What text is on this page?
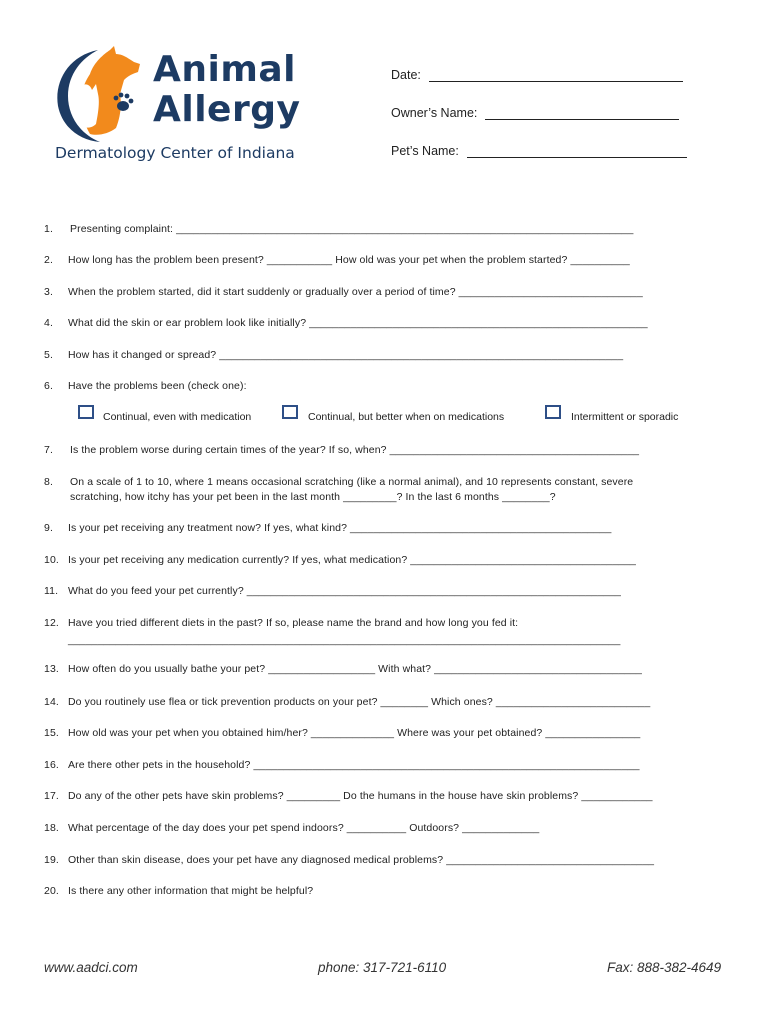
Animal
Allergy
Dermatology Center of Indiana
Date:
Owner’s Name:
Pet’s Name:
1. Presenting complaint: _____________________________________________________________________________
2. How long has the problem been present? ___________ How old was your pet when the problem started? __________
3. When the problem started, did it start suddenly or gradually over a period of time? _______________________________
4. What did the skin or ear problem look like initially? _________________________________________________________
5. How has it changed or spread? ____________________________________________________________________
6. Have the problems been (check one):
Continual, even with medication	Continual, but better when on medications	Intermittent or sporadic
7. Is the problem worse during certain times of the year? If so, when? __________________________________________
8. On a scale of 1 to 10, where 1 means occasional scratching (like a normal animal), and 10 represents constant, severe scratching, how itchy has your pet been in the last month _________? In the last 6 months ________?
9. Is your pet receiving any treatment now? If yes, what kind? ____________________________________________
10. Is your pet receiving any medication currently? If yes, what medication? ______________________________________
11. What do you feed your pet currently? _______________________________________________________________
12. Have you tried different diets in the past? If so, please name the brand and how long you fed it:
_____________________________________________________________________________________________
13. How often do you usually bathe your pet? __________________ With what? ___________________________________
14. Do you routinely use flea or tick prevention products on your pet? ________ Which ones? __________________________
15. How old was your pet when you obtained him/her? ______________ Where was your pet obtained? ________________
16. Are there other pets in the household? _________________________________________________________________
17. Do any of the other pets have skin problems? _________ Do the humans in the house have skin problems? ____________
18. What percentage of the day does your pet spend indoors? __________ Outdoors? _____________
19. Other than skin disease, does your pet have any diagnosed medical problems? ___________________________________
20. Is there any other information that might be helpful?
www.aadci.com	phone: 317-721-6110	Fax: 888-382-4649
